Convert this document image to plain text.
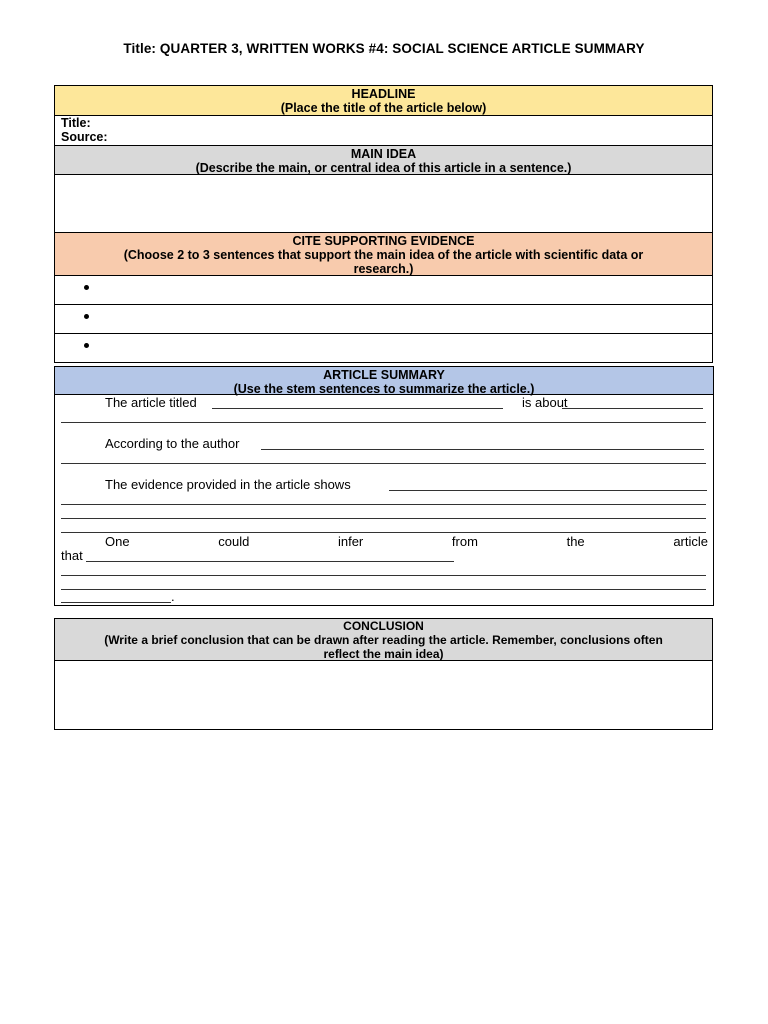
Title: QUARTER 3, WRITTEN WORKS #4: SOCIAL SCIENCE ARTICLE SUMMARY
HEADLINE
(Place the title of the article below)
Title:
Source:
MAIN IDEA
(Describe the main, or central idea of this article in a sentence.)
CITE SUPPORTING EVIDENCE
(Choose 2 to 3 sentences that support the main idea of the article with scientific data or
research.)
ARTICLE SUMMARY
(Use the stem sentences to summarize the article.)
The article titled	is about
According to the author
The evidence provided in the article shows
One	could	infer	from	the	article
that
.
CONCLUSION
(Write a brief conclusion that can be drawn after reading the article. Remember, conclusions often
reflect the main idea)
